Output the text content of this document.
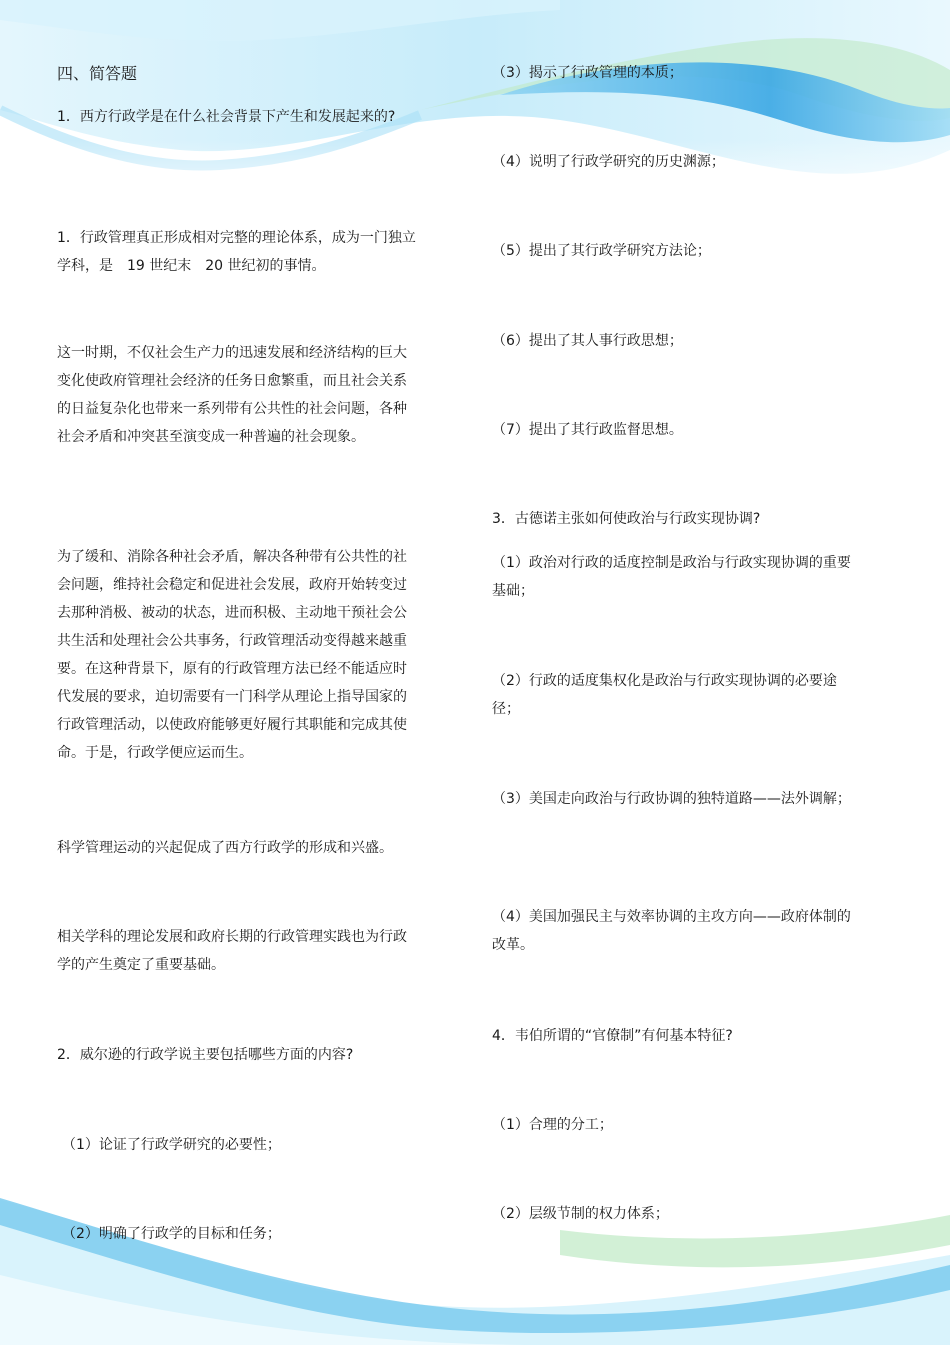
四、简答题
1．西方行政学是在什么社会背景下产生和发展起来的?
1．行政管理真正形成相对完整的理论体系，成为一门独立学科，是　19 世纪末　20 世纪初的事情。
这一时期，不仅社会生产力的迅速发展和经济结构的巨大变化使政府管理社会经济的任务日愈繁重，而且社会关系的日益复杂化也带来一系列带有公共性的社会问题，各种社会矛盾和冲突甚至演变成一种普遍的社会现象。
为了缓和、消除各种社会矛盾，解决各种带有公共性的社会问题，维持社会稳定和促进社会发展，政府开始转变过去那种消极、被动的状态，进而积极、主动地干预社会公共生活和处理社会公共事务，行政管理活动变得越来越重要。在这种背景下，原有的行政管理方法已经不能适应时代发展的要求，迫切需要有一门科学从理论上指导国家的行政管理活动，以使政府能够更好履行其职能和完成其使命。于是，行政学便应运而生。
科学管理运动的兴起促成了西方行政学的形成和兴盛。
相关学科的理论发展和政府长期的行政管理实践也为行政学的产生奠定了重要基础。
2．威尔逊的行政学说主要包括哪些方面的内容?
（1）论证了行政学研究的必要性；
（2）明确了行政学的目标和任务；
（3）揭示了行政管理的本质；
（4）说明了行政学研究的历史渊源；
（5）提出了其行政学研究方法论；
（6）提出了其人事行政思想；
（7）提出了其行政监督思想。
3．古德诺主张如何使政治与行政实现协调?
（1）政治对行政的适度控制是政治与行政实现协调的重要基础；
（2）行政的适度集权化是政治与行政实现协调的必要途径；
（3）美国走向政治与行政协调的独特道路——法外调解；
（4）美国加强民主与效率协调的主攻方向——政府体制的改革。
4．韦伯所谓的“官僚制”有何基本特征?
（1）合理的分工；
（2）层级节制的权力体系；
